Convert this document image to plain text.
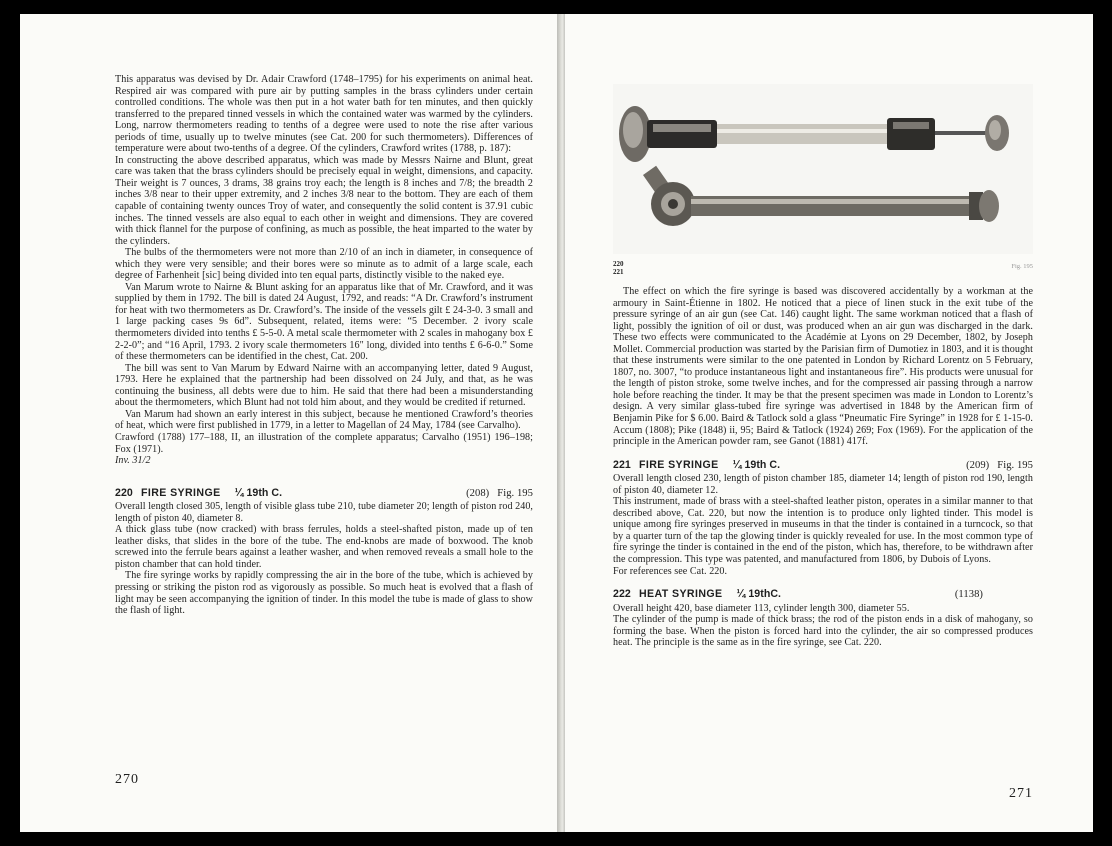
This apparatus was devised by Dr. Adair Crawford (1748–1795) for his experiments on animal heat. Respired air was compared with pure air by putting samples in the brass cylinders under certain controlled conditions. The whole was then put in a hot water bath for ten minutes, and then quickly transferred to the prepared tinned vessels in which the contained water was warmed by the cylinders. Long, narrow thermometers reading to tenths of a degree were used to note the rise after various periods of time, usually up to twelve minutes (see Cat. 200 for such thermometers). Differences of temperature were about two-tenths of a degree. Of the cylinders, Crawford writes (1788, p. 187):

In constructing the above described apparatus, which was made by Messrs Nairne and Blunt, great care was taken that the brass cylinders should be precisely equal in weight, dimensions, and capacity. Their weight is 7 ounces, 3 drams, 38 grains troy each; the length is 8 inches and 7/8; the breadth 2 inches 3/8 near to their upper extremity, and 2 inches 3/8 near to the bottom. They are each of them capable of containing twenty ounces Troy of water, and consequently the solid content is 37.91 cubic inches. The tinned vessels are also equal to each other in weight and dimensions. They are covered with thick flannel for the purpose of confining, as much as possible, the heat imparted to the water by the cylinders.

The bulbs of the thermometers were not more than 2/10 of an inch in diameter, in consequence of which they were very sensible; and their bores were so minute as to admit of a large scale, each degree of Farhenheit [sic] being divided into ten equal parts, distinctly visible to the naked eye.

Van Marum wrote to Nairne & Blunt asking for an apparatus like that of Mr. Crawford, and it was supplied by them in 1792. The bill is dated 24 August, 1792, and reads: “A Dr. Crawford’s instrument for heat with two thermometers as Dr. Crawford’s. The inside of the vessels gilt £ 24-3-0. 3 small and 1 large packing cases 9s 6d”. Subsequent, related, items were: “5 December. 2 ivory scale thermometers divided into tenths £ 5-5-0. A metal scale thermometer with 2 scales in mahogany box £ 2-2-0”; and “16 April, 1793. 2 ivory scale thermometers 16" long, divided into tenths £ 6-6-0.” Some of these thermometers can be identified in the chest, Cat. 200.

The bill was sent to Van Marum by Edward Nairne with an accompanying letter, dated 9 August, 1793. Here he explained that the partnership had been dissolved on 24 July, and that, as he was continuing the business, all debts were due to him. He said that there had been a misunderstanding about the thermometers, which Blunt had not told him about, and they would be credited if returned.

Van Marum had shown an early interest in this subject, because he mentioned Crawford’s theories of heat, which were first published in 1779, in a letter to Magellan of 24 May, 1784 (see Carvalho).

Crawford (1788) 177–188, II, an illustration of the complete apparatus; Carvalho (1951) 196–198; Fox (1971).

Inv. 31/2

220 FIRE SYRINGE ¼ 19th C.	(208) Fig. 195

Overall length closed 305, length of visible glass tube 210, tube diameter 20; length of piston rod 240, length of piston 40, diameter 8.

A thick glass tube (now cracked) with brass ferrules, holds a steel-shafted piston, made up of ten leather disks, that slides in the bore of the tube. The end-knobs are made of boxwood. The knob screwed into the ferrule bears against a leather washer, and when removed reveals a small hole to the piston chamber that can hold tinder.

The fire syringe works by rapidly compressing the air in the bore of the tube, which is achieved by pressing or striking the piston rod as vigorously as possible. So much heat is evolved that a flash of light may be seen accompanying the ignition of tinder. In this model the tube is made of glass to show the flash of light.

270
220
221
Fig. 195

The effect on which the fire syringe is based was discovered accidentally by a workman at the armoury in Saint-Étienne in 1802. He noticed that a piece of linen stuck in the exit tube of the pressure syringe of an air gun (see Cat. 146) caught light. The same workman noticed that a flash of light, possibly the ignition of oil or dust, was produced when an air gun was discharged in the dark. These two effects were communicated to the Académie at Lyons on 29 December, 1802, by Joseph Mollet. Commercial production was started by the Parisian firm of Dumotiez in 1803, and it is thought that these instruments were similar to the one patented in London by Richard Lorentz on 5 February, 1807, no. 3007, “to produce instantaneous light and instantaneous fire”. His products were unusual for the length of piston stroke, some twelve inches, and for the compressed air passing through a narrow hole before reaching the tinder. It may be that the present specimen was made in London to Lorentz’s design. A very similar glass-tubed fire syringe was advertised in 1848 by the American firm of Benjamin Pike for $ 6.00. Baird & Tatlock sold a glass “Pneumatic Fire Syringe” in 1928 for £ 1-15-0.

Accum (1808); Pike (1848) ii, 95; Baird & Tatlock (1924) 269; Fox (1969). For the application of the principle in the American powder ram, see Ganot (1881) 417f.

221 FIRE SYRINGE ¼ 19th C.	(209) Fig. 195

Overall length closed 230, length of piston chamber 185, diameter 14; length of piston rod 190, length of piston 40, diameter 12.

This instrument, made of brass with a steel-shafted leather piston, operates in a similar manner to that described above, Cat. 220, but now the intention is to produce only lighted tinder. This model is unique among fire syringes preserved in museums in that the tinder is contained in a turncock, so that by a quarter turn of the tap the glowing tinder is quickly revealed for use. In the most common type of fire syringe the tinder is contained in the end of the piston, which has, therefore, to be withdrawn after the compression. This type was patented, and manufactured from 1806, by Dubois of Lyons.

For references see Cat. 220.

222 HEAT SYRINGE ¼ 19thC.	(1138)

Overall height 420, base diameter 113, cylinder length 300, diameter 55.

The cylinder of the pump is made of thick brass; the rod of the piston ends in a disk of mahogany, so forming the base. When the piston is forced hard into the cylinder, the air so compressed produces heat. The principle is the same as in the fire syringe, see Cat. 220.

271
